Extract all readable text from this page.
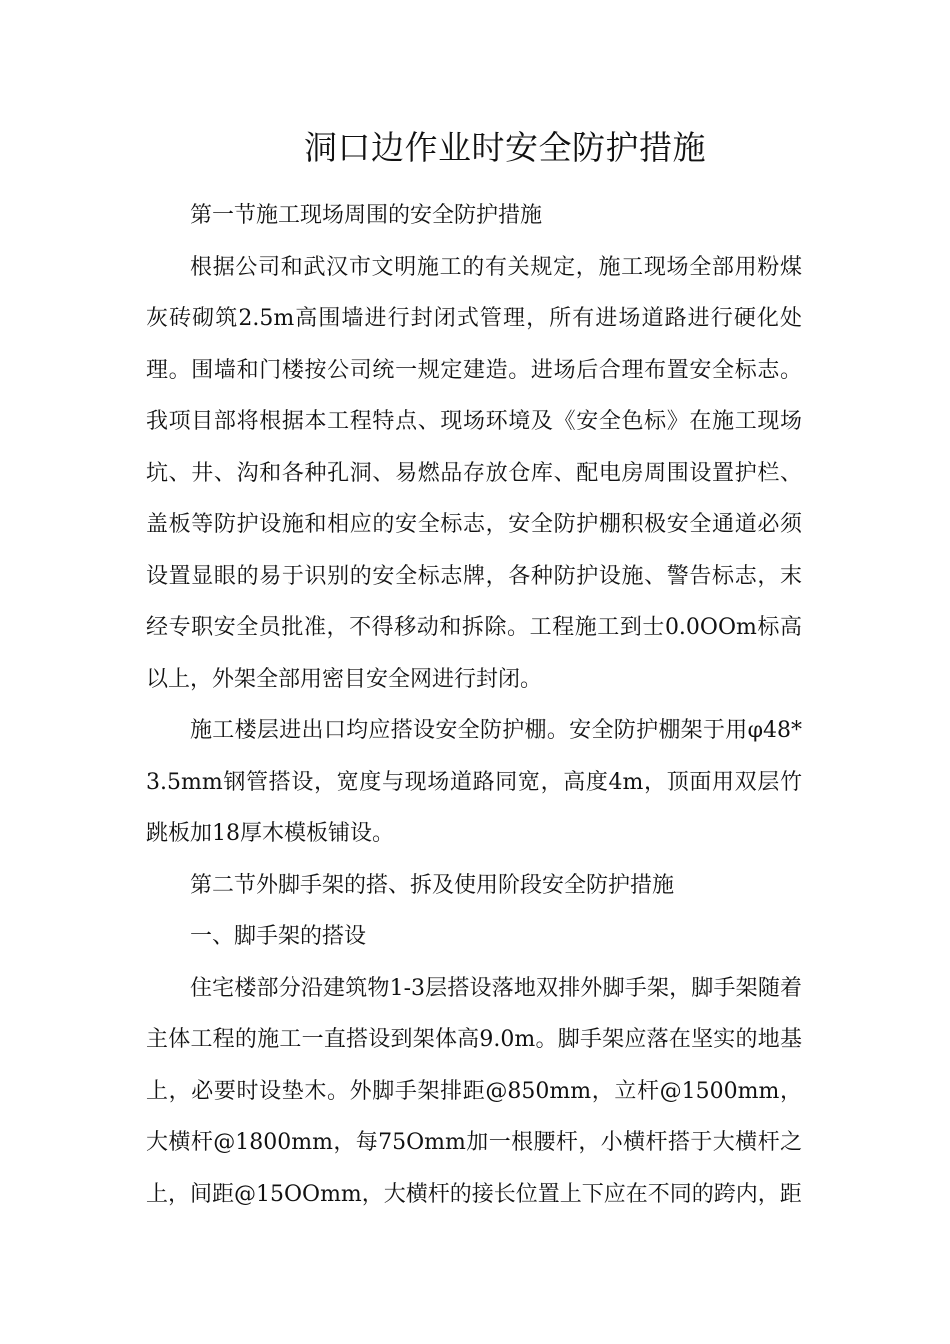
洞口边作业时安全防护措施

第一节施工现场周围的安全防护措施

根据公司和武汉市文明施工的有关规定，施工现场全部用粉煤灰砖砌筑2.5m高围墙进行封闭式管理，所有进场道路进行硬化处理。围墙和门楼按公司统一规定建造。进场后合理布置安全标志。我项目部将根据本工程特点、现场环境及《安全色标》在施工现场坑、井、沟和各种孔洞、易燃品存放仓库、配电房周围设置护栏、盖板等防护设施和相应的安全标志，安全防护棚积极安全通道必须设置显眼的易于识别的安全标志牌，各种防护设施、警告标志，末经专职安全员批准，不得移动和拆除。工程施工到士0.0OOm标高以上，外架全部用密目安全网进行封闭。

施工楼层进出口均应搭设安全防护棚。安全防护棚架于用φ48*3.5mm钢管搭设，宽度与现场道路同宽，高度4m，顶面用双层竹跳板加18厚木模板铺设。

第二节外脚手架的搭、拆及使用阶段安全防护措施

一、脚手架的搭设

住宅楼部分沿建筑物1-3层搭设落地双排外脚手架，脚手架随着主体工程的施工一直搭设到架体高9.0m。脚手架应落在坚实的地基上，必要时设垫木。外脚手架排距@850mm，立杆@1500mm，大横杆@1800mm，每75Omm加一根腰杆，小横杆搭于大横杆之上，间距@15OOmm，大横杆的接长位置上下应在不同的跨内，距
